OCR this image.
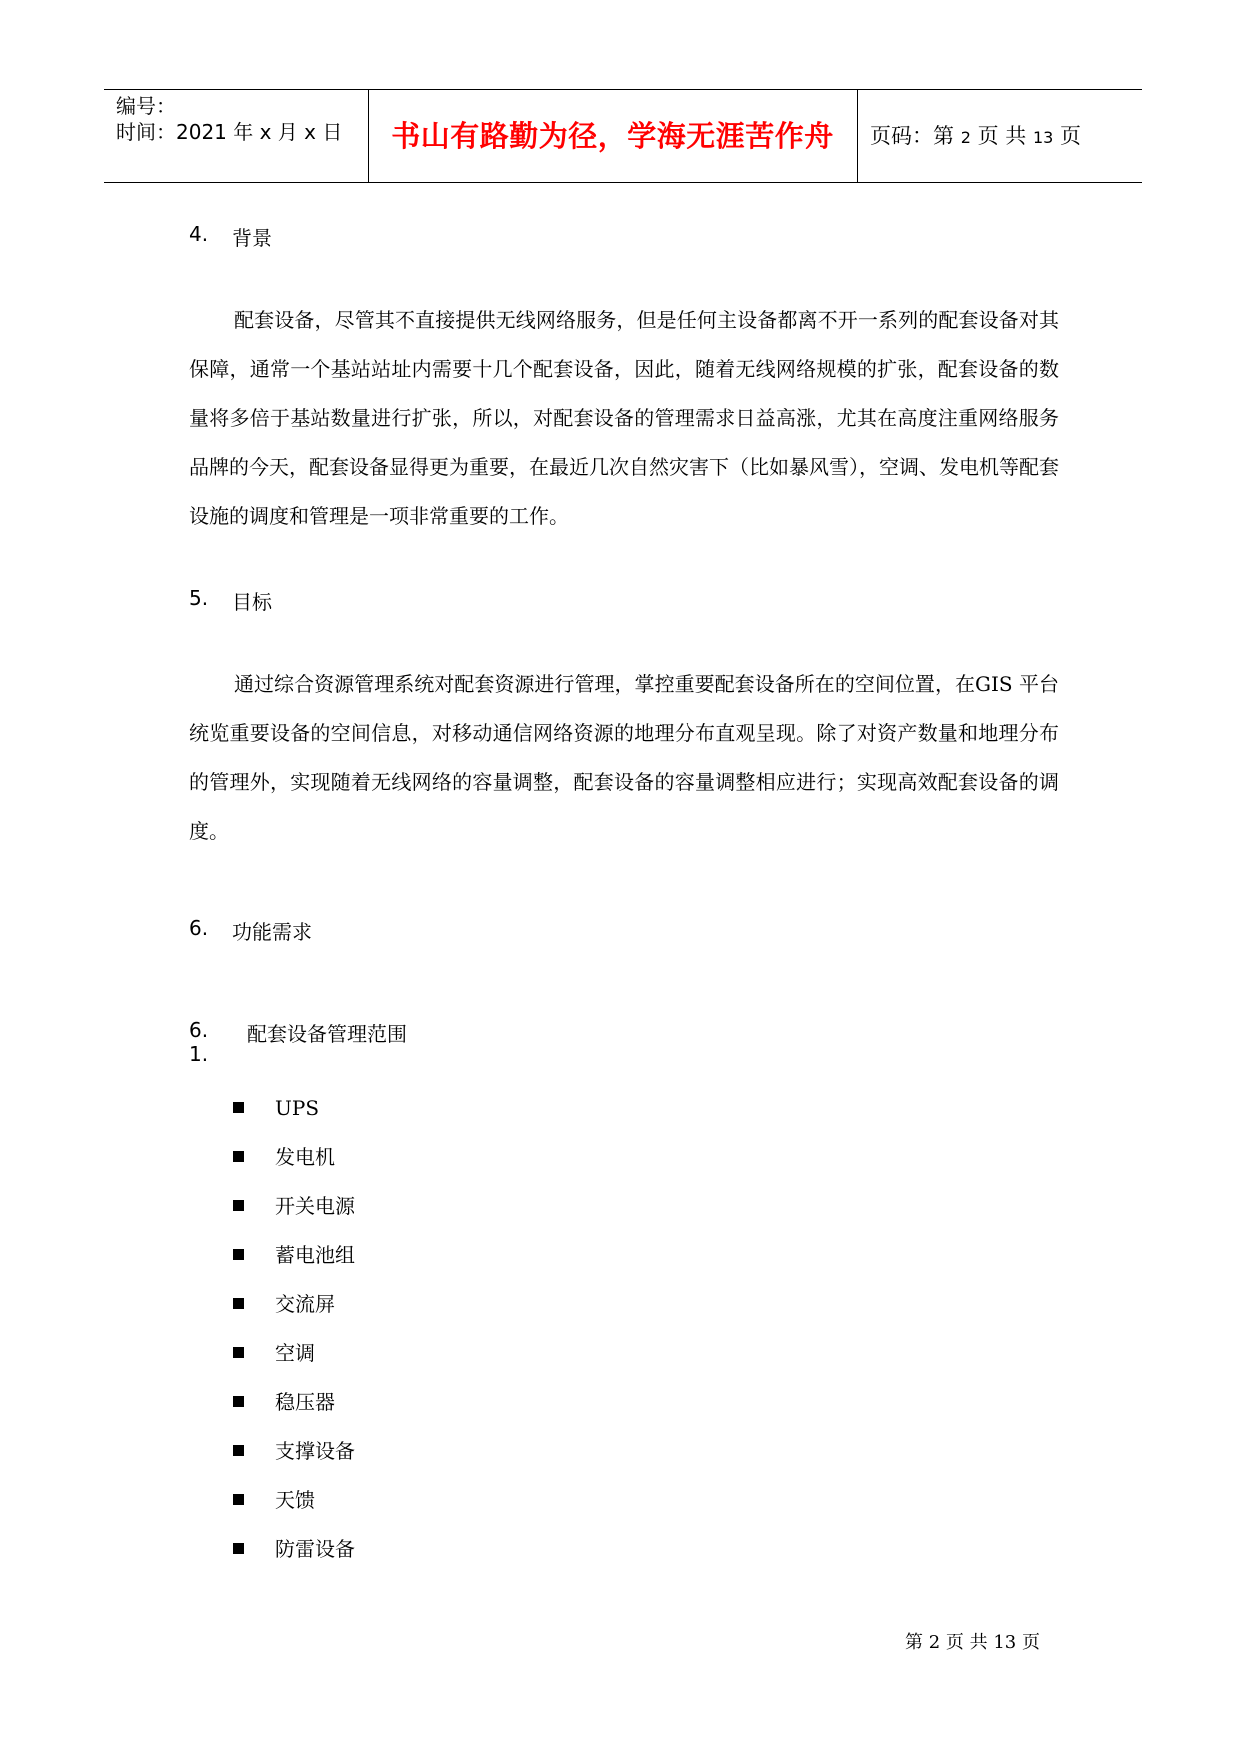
编号：
时间：2021 年 x 月 x 日	书山有路勤为径，学海无涯苦作舟	页码：第 2 页 共 13 页
4. 背景
配套设备，尽管其不直接提供无线网络服务，但是任何主设备都离不开一系列的配套设备对其保障，通常一个基站站址内需要十几个配套设备，因此，随着无线网络规模的扩张，配套设备的数量将多倍于基站数量进行扩张，所以，对配套设备的管理需求日益高涨，尤其在高度注重网络服务品牌的今天，配套设备显得更为重要，在最近几次自然灾害下（比如暴风雪），空调、发电机等配套设施的调度和管理是一项非常重要的工作。
5. 目标
通过综合资源管理系统对配套资源进行管理，掌控重要配套设备所在的空间位置，在GIS 平台统览重要设备的空间信息，对移动通信网络资源的地理分布直观呈现。除了对资产数量和地理分布的管理外，实现随着无线网络的容量调整，配套设备的容量调整相应进行；实现高效配套设备的调度。
6. 功能需求
6. 1.
配套设备管理范围
UPS
发电机
开关电源
蓄电池组
交流屏
空调
稳压器
支撑设备
天馈
防雷设备
第 2 页 共 13 页
